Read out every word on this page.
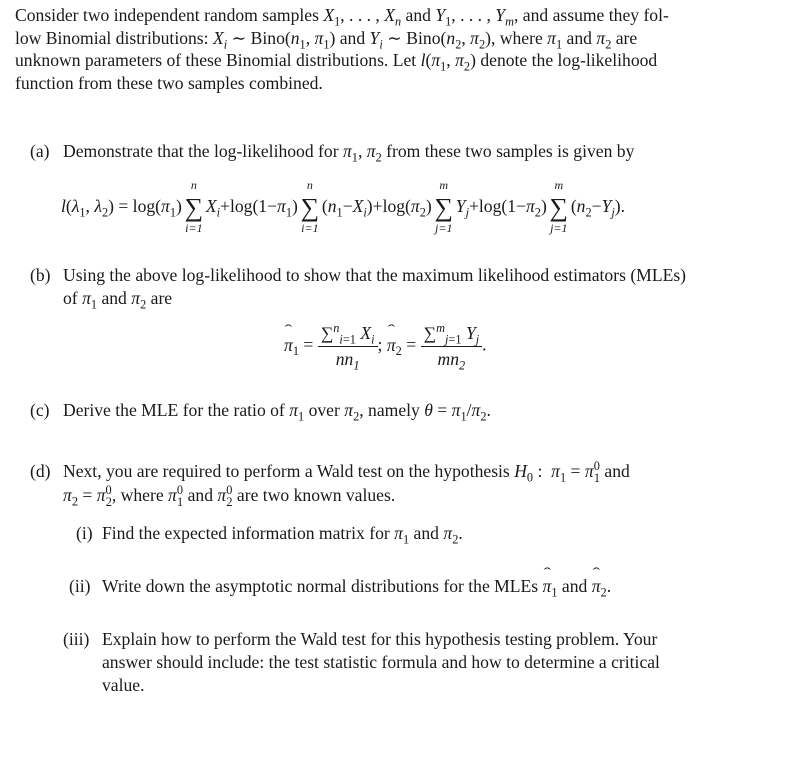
Consider two independent random samples $X_1$, . . . , $X_n$ and $Y_1$, . . . , $Y_m$, and assume they fol-
low Binomial distributions: $X_i$ ∼ $Bino(n_1$, $\pi_1$) and $Y_i$ ∼ $Bino(n_2$, $\pi_2$), where $\pi_1$ and $\pi_2$ are
unknown parameters of these Binomial distributions. Let $l(\pi_1$, $\pi_2$) denote the log-likelihood
function from these two samples combined.
(a) Demonstrate that the log-likelihood for $\pi_1$, $\pi_2$ from these two samples is given by
$l(\lambda_1$, $\lambda_2) = \log(\pi_1)$
n
∑
i=1
$X_i+\log(1-\pi_1)$
n
∑
i=1
$(n_1-X_i)+\log(\pi_2)$
m
∑
j=1
$Y_j+\log(1-\pi_2)$
m
∑
j=1
$(n_2-Y_j)$.
(b) Using the above log-likelihood to show that the maximum likelihood estimators (MLEs)
of $\pi_1$ and $\pi_2$ are
ˆ $\pi_1 = \frac{\sum^n_{i=1} X_i}{nn_1}$ ; ˆ $\pi_2 = \frac{\sum^m_{j=1} Y_j}{mn_2}$ .
(c) Derive the MLE for the ratio of $\pi_1$ over $\pi_2$, namely $\theta = \pi_1/\pi_2$.
(d) Next, you are required to perform a Wald test on the hypothesis $H_0$ :  $\pi_1 = \pi^0_1$ and
$\pi_2 = \pi^0_2$, where $\pi^0_1$ and $\pi^0_2$ are two known values.
(i) Find the expected information matrix for $\pi_1$ and $\pi_2$.
(ii) Write down the asymptotic normal distributions for the MLEs ˆ $\pi_1$ and ˆ $\pi_2$.
(iii) Explain how to perform the Wald test for this hypothesis testing problem. Your
answer should include: the test statistic formula and how to determine a critical
value.
